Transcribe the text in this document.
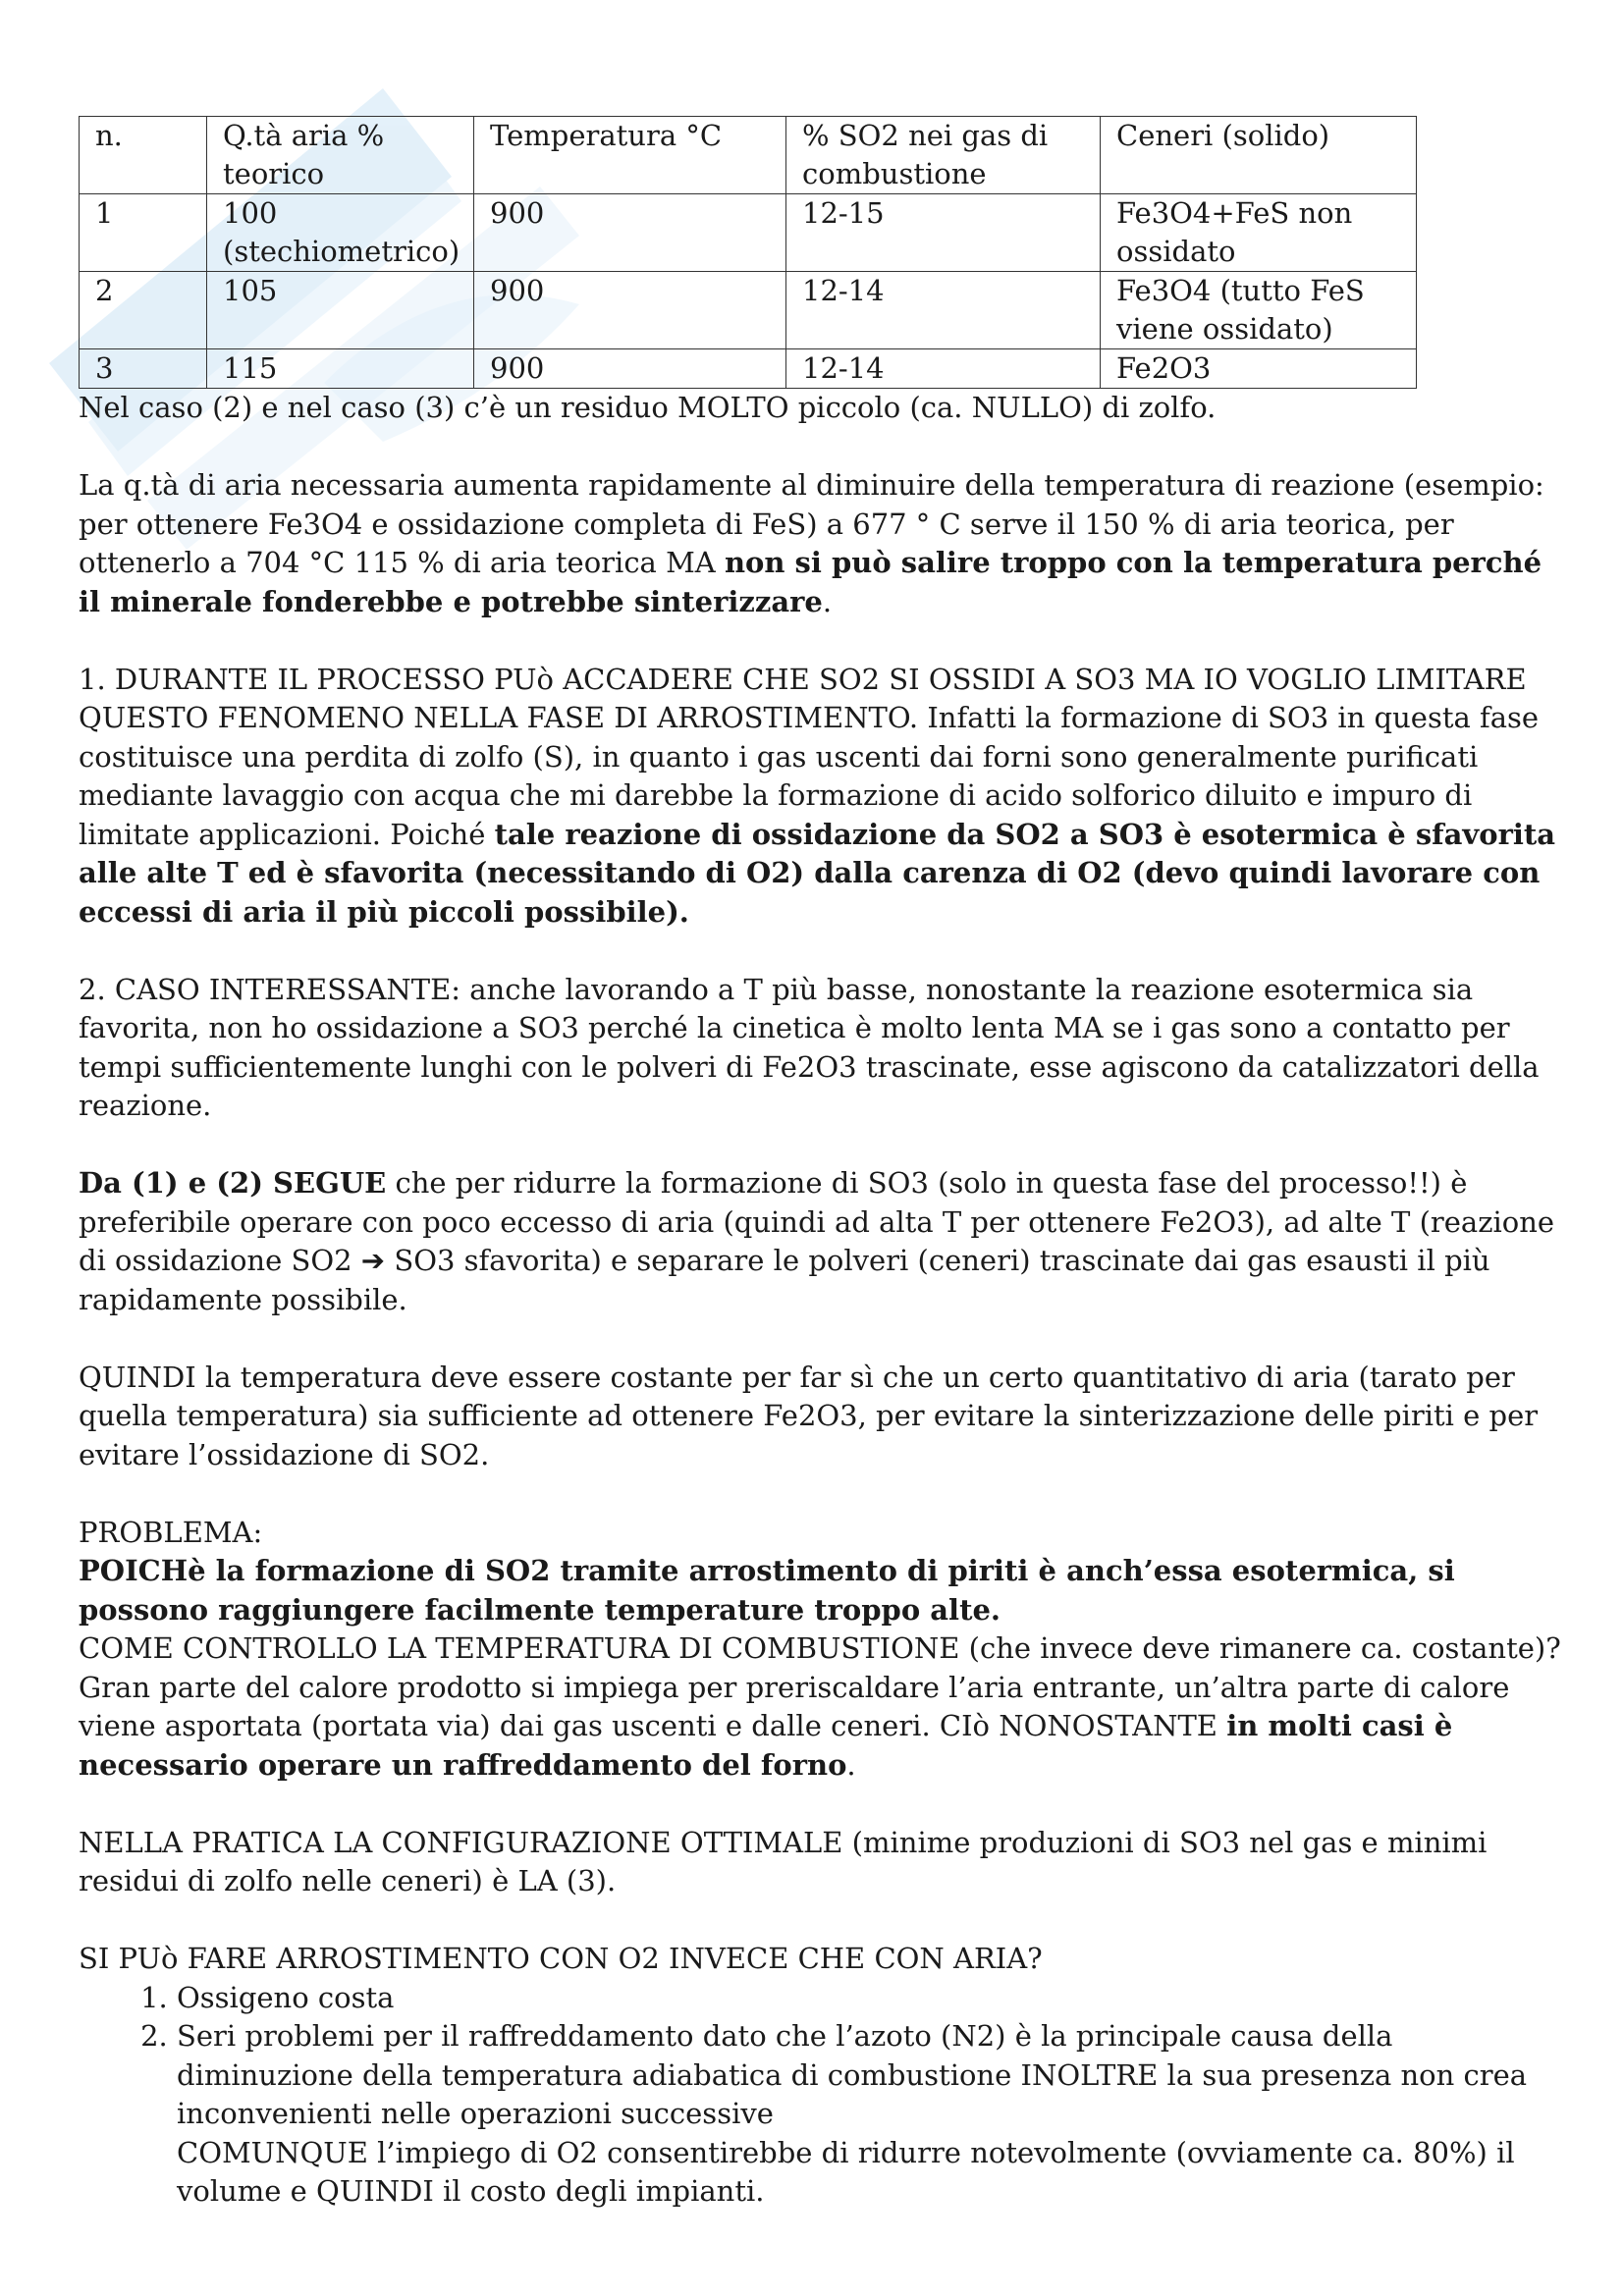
n.	Q.tà aria % teorico	Temperatura °C	% SO2 nei gas di combustione	Ceneri (solido)
1	100 (stechiometrico)	900	12-15	Fe3O4+FeS non ossidato
2	105	900	12-14	Fe3O4 (tutto FeS viene ossidato)
3	115	900	12-14	Fe2O3

Nel caso (2) e nel caso (3) c’è un residuo MOLTO piccolo (ca. NULLO) di zolfo.

La q.tà di aria necessaria aumenta rapidamente al diminuire della temperatura di reazione (esempio: per ottenere Fe3O4 e ossidazione completa di FeS) a 677 ° C serve il 150 % di aria teorica, per ottenerlo a 704 °C 115 % di aria teorica MA non si può salire troppo con la temperatura perché il minerale fonderebbe e potrebbe sinterizzare.

1. DURANTE IL PROCESSO PUò ACCADERE CHE SO2 SI OSSIDI A SO3 MA IO VOGLIO LIMITARE QUESTO FENOMENO NELLA FASE DI ARROSTIMENTO. Infatti la formazione di SO3 in questa fase costituisce una perdita di zolfo (S), in quanto i gas uscenti dai forni sono generalmente purificati mediante lavaggio con acqua che mi darebbe la formazione di acido solforico diluito e impuro di limitate applicazioni. Poiché tale reazione di ossidazione da SO2 a SO3 è esotermica è sfavorita alle alte T ed è sfavorita (necessitando di O2) dalla carenza di O2 (devo quindi lavorare con eccessi di aria il più piccoli possibile).

2. CASO INTERESSANTE: anche lavorando a T più basse, nonostante la reazione esotermica sia favorita, non ho ossidazione a SO3 perché la cinetica è molto lenta MA se i gas sono a contatto per tempi sufficientemente lunghi con le polveri di Fe2O3 trascinate, esse agiscono da catalizzatori della reazione.

Da (1) e (2) SEGUE che per ridurre la formazione di SO3 (solo in questa fase del processo!!) è preferibile operare con poco eccesso di aria (quindi ad alta T per ottenere Fe2O3), ad alte T (reazione di ossidazione SO2 ➔ SO3 sfavorita) e separare le polveri (ceneri) trascinate dai gas esausti il più rapidamente possibile.

QUINDI la temperatura deve essere costante per far sì che un certo quantitativo di aria (tarato per quella temperatura) sia sufficiente ad ottenere Fe2O3, per evitare la sinterizzazione delle piriti e per evitare l’ossidazione di SO2.

PROBLEMA:

POICHè la formazione di SO2 tramite arrostimento di piriti è anch’essa esotermica, si possono raggiungere facilmente temperature troppo alte.

COME CONTROLLO LA TEMPERATURA DI COMBUSTIONE (che invece deve rimanere ca. costante)? Gran parte del calore prodotto si impiega per preriscaldare l’aria entrante, un’altra parte di calore viene asportata (portata via) dai gas uscenti e dalle ceneri. CIò NONOSTANTE in molti casi è necessario operare un raffreddamento del forno.

NELLA PRATICA LA CONFIGURAZIONE OTTIMALE (minime produzioni di SO3 nel gas e minimi residui di zolfo nelle ceneri) è LA (3).

SI PUò FARE ARROSTIMENTO CON O2 INVECE CHE CON ARIA?

1. Ossigeno costa
2. Seri problemi per il raffreddamento dato che l’azoto (N2) è la principale causa della diminuzione della temperatura adiabatica di combustione INOLTRE la sua presenza non crea inconvenienti nelle operazioni successive
COMUNQUE l’impiego di O2 consentirebbe di ridurre notevolmente (ovviamente ca. 80%) il volume e QUINDI il costo degli impianti.
